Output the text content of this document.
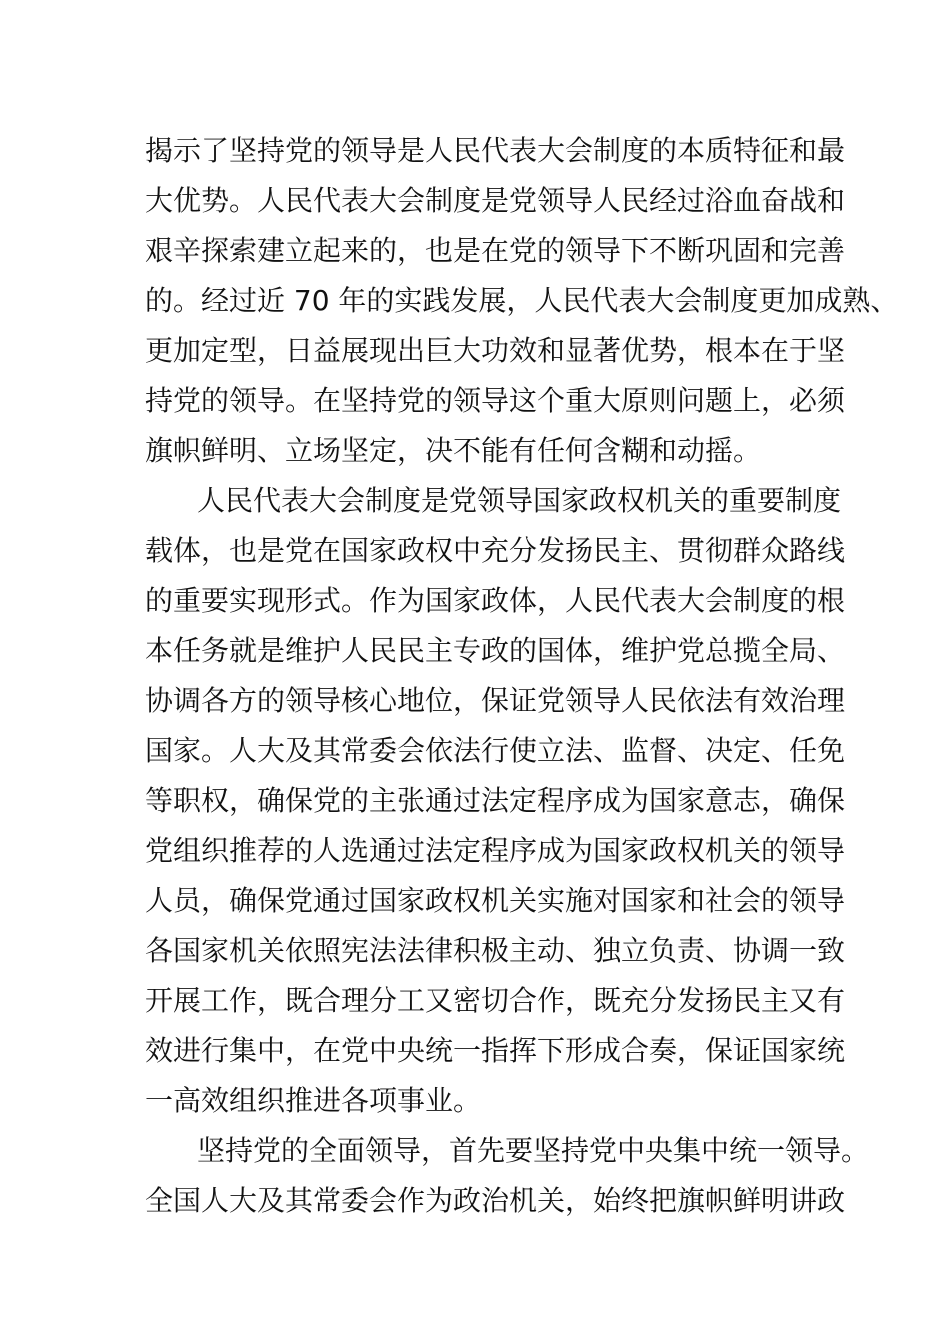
揭示了坚持党的领导是人民代表大会制度的本质特征和最
大优势。人民代表大会制度是党领导人民经过浴血奋战和
艰辛探索建立起来的，也是在党的领导下不断巩固和完善
的。经过近 70 年的实践发展，人民代表大会制度更加成熟、
更加定型，日益展现出巨大功效和显著优势，根本在于坚
持党的领导。在坚持党的领导这个重大原则问题上，必须
旗帜鲜明、立场坚定，决不能有任何含糊和动摇。
人民代表大会制度是党领导国家政权机关的重要制度
载体，也是党在国家政权中充分发扬民主、贯彻群众路线
的重要实现形式。作为国家政体，人民代表大会制度的根
本任务就是维护人民民主专政的国体，维护党总揽全局、
协调各方的领导核心地位，保证党领导人民依法有效治理
国家。人大及其常委会依法行使立法、监督、决定、任免
等职权，确保党的主张通过法定程序成为国家意志，确保
党组织推荐的人选通过法定程序成为国家政权机关的领导
人员，确保党通过国家政权机关实施对国家和社会的领导
各国家机关依照宪法法律积极主动、独立负责、协调一致
开展工作，既合理分工又密切合作，既充分发扬民主又有
效进行集中，在党中央统一指挥下形成合奏，保证国家统
一高效组织推进各项事业。
坚持党的全面领导，首先要坚持党中央集中统一领导。
全国人大及其常委会作为政治机关，始终把旗帜鲜明讲政
